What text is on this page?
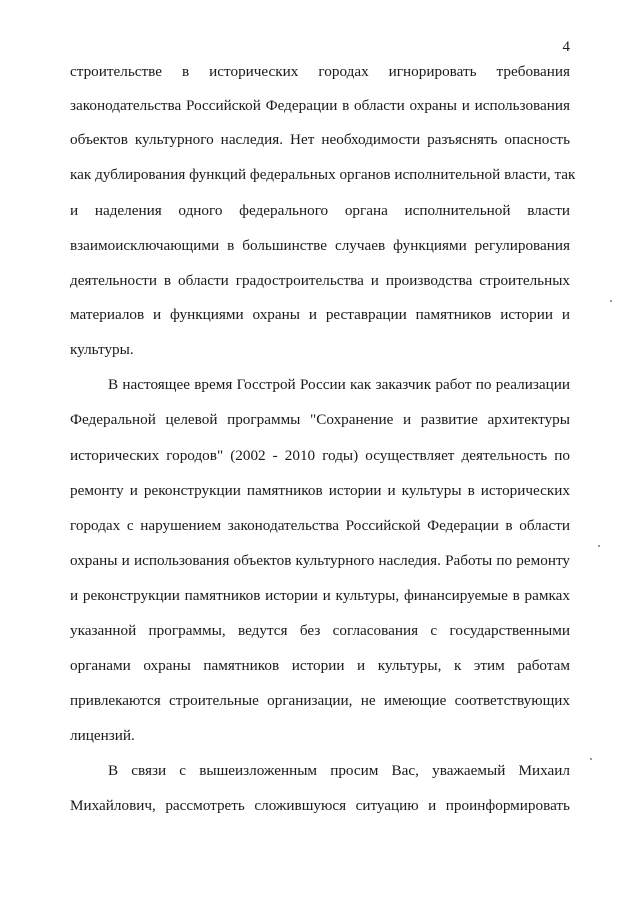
4
строительстве в исторических городах игнорировать требования
законодательства Российской Федерации в области охраны и использования
объектов культурного наследия. Нет необходимости разъяснять опасность
как дублирования функций федеральных органов исполнительной власти, так
и наделения одного федерального органа исполнительной власти
взаимоисключающими в большинстве случаев функциями регулирования
деятельности в области градостроительства и производства строительных
материалов и функциями охраны и реставрации памятников истории и
культуры.
В настоящее время Госстрой России как заказчик работ по реализации
Федеральной целевой программы "Сохранение и развитие архитектуры
исторических городов" (2002 - 2010 годы) осуществляет деятельность по
ремонту и реконструкции памятников истории и культуры в исторических
городах с нарушением законодательства Российской Федерации в области
охраны и использования объектов культурного наследия. Работы по ремонту
и реконструкции памятников истории и культуры, финансируемые в рамках
указанной программы, ведутся без согласования с государственными
органами охраны памятников истории и культуры, к этим работам
привлекаются строительные организации, не имеющие соответствующих
лицензий.
В связи с вышеизложенным просим Вас, уважаемый Михаил
Михайлович, рассмотреть сложившуюся ситуацию и проинформировать
